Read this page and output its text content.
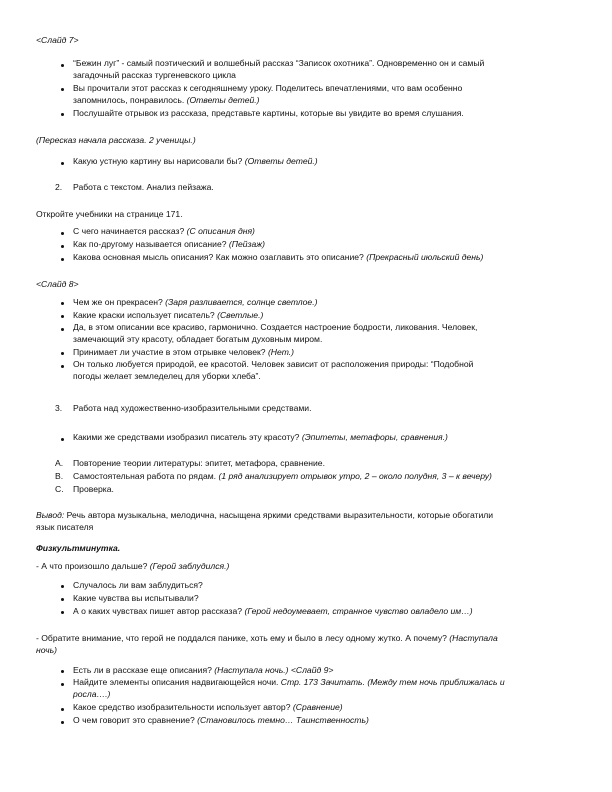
<Слайд 7>
“Бежин луг” - самый поэтический и волшебный рассказ “Записок охотника”. Одновременно он и самый
загадочный рассказ тургеневского цикла
Вы прочитали этот рассказ к сегодняшнему уроку. Поделитесь впечатлениями, что вам особенно
запомнилось, понравилось. (Ответы детей.)
Послушайте отрывок из рассказа, представьте картины, которые вы увидите во время слушания.
(Пересказ начала рассказа. 2 ученицы.)
Какую устную картину вы нарисовали бы? (Ответы детей.)
2. Работа с текстом. Анализ пейзажа.
Откройте учебники на странице 171.
С чего начинается рассказ? (С описания дня)
Как по-другому называется описание? (Пейзаж)
Какова основная мысль описания? Как можно озаглавить это описание? (Прекрасный июльский день)
<Слайд 8>
Чем же он прекрасен? (Заря разливается, солнце светлое.)
Какие краски использует писатель? (Светлые.)
Да, в этом описании все красиво, гармонично. Создается настроение бодрости, ликования. Человек,
замечающий эту красоту, обладает богатым духовным миром.
Принимает ли участие в этом отрывке человек? (Нет.)
Он только любуется природой, ее красотой. Человек зависит от расположения природы: “Подобной
погоды желает земледелец для уборки хлеба”.
3. Работа над художественно-изобразительными средствами.
Какими же средствами изобразил писатель эту красоту? (Эпитеты, метафоры, сравнения.)
A. Повторение теории литературы: эпитет, метафора, сравнение.
B. Самостоятельная работа по рядам. (1 ряд анализирует отрывок утро, 2 – около полудня, 3 – к вечеру)
C. Проверка.
Вывод: Речь автора музыкальна, мелодична, насыщена яркими средствами выразительности, которые обогатили
язык писателя
Физкультминутка.
- А что произошло дальше? (Герой заблудился.)
Случалось ли вам заблудиться?
Какие чувства вы испытывали?
А о каких чувствах пишет автор рассказа? (Герой недоумевает, странное чувство овладело им…)
- Обратите внимание, что герой не поддался панике, хоть ему и было в лесу одному жутко. А почему? (Наступала
ночь)
Есть ли в рассказе еще описания? (Наступала ночь.) <Слайд 9>
Найдите элементы описания надвигающейся ночи. Стр. 173 Зачитать. (Между тем ночь приближалась и
росла….)
Какое средство изобразительности использует автор? (Сравнение)
О чем говорит это сравнение? (Становилось темно… Таинственность)
